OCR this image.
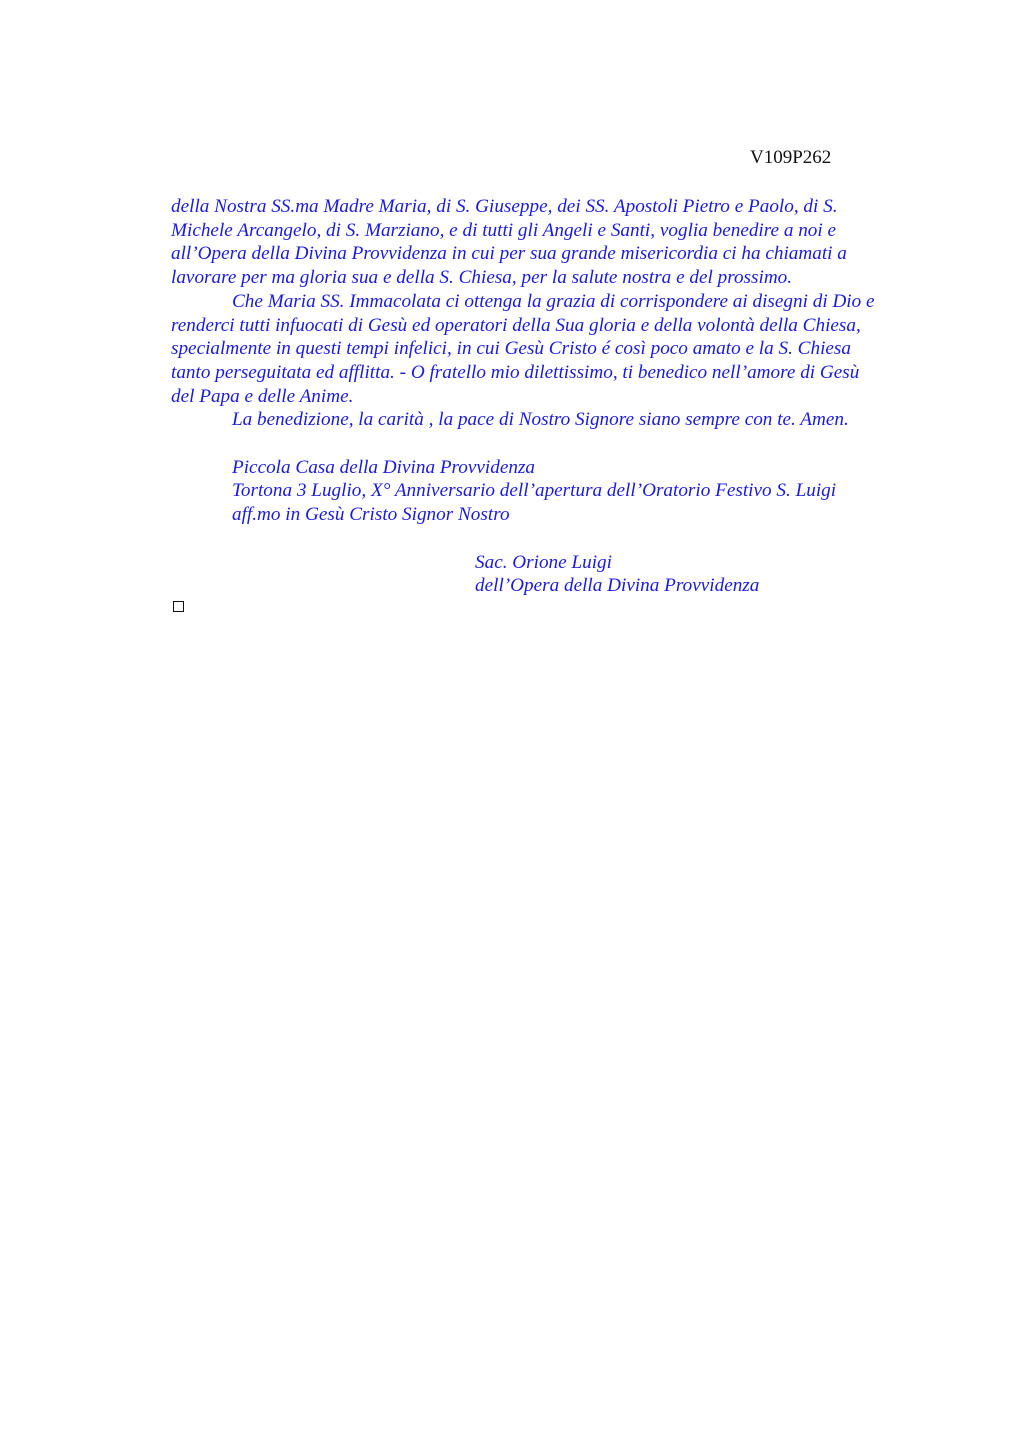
V109P262
della Nostra SS.ma Madre Maria, di S. Giuseppe, dei SS. Apostoli Pietro e Paolo, di S.
Michele Arcangelo, di S. Marziano, e di tutti gli Angeli e Santi, voglia benedire a noi e
all’Opera della Divina Provvidenza in cui per sua grande misericordia ci ha chiamati a
lavorare per ma gloria sua e della S. Chiesa, per la salute nostra e del prossimo.
Che Maria SS. Immacolata ci ottenga la grazia di corrispondere ai disegni di Dio e
renderci tutti infuocati di Gesù ed operatori della Sua gloria e della volontà della Chiesa,
specialmente in questi tempi infelici, in cui Gesù Cristo é così poco amato e la S. Chiesa
tanto perseguitata ed afflitta. - O fratello mio dilettissimo, ti benedico nell’amore di Gesù
del Papa e delle Anime.
La benedizione, la carità , la pace di Nostro Signore siano sempre con te. Amen.
Piccola Casa della Divina Provvidenza
Tortona 3 Luglio, X° Anniversario dell’apertura dell’Oratorio Festivo S. Luigi
aff.mo in Gesù Cristo Signor Nostro
Sac. Orione Luigi
dell’Opera della Divina Provvidenza
